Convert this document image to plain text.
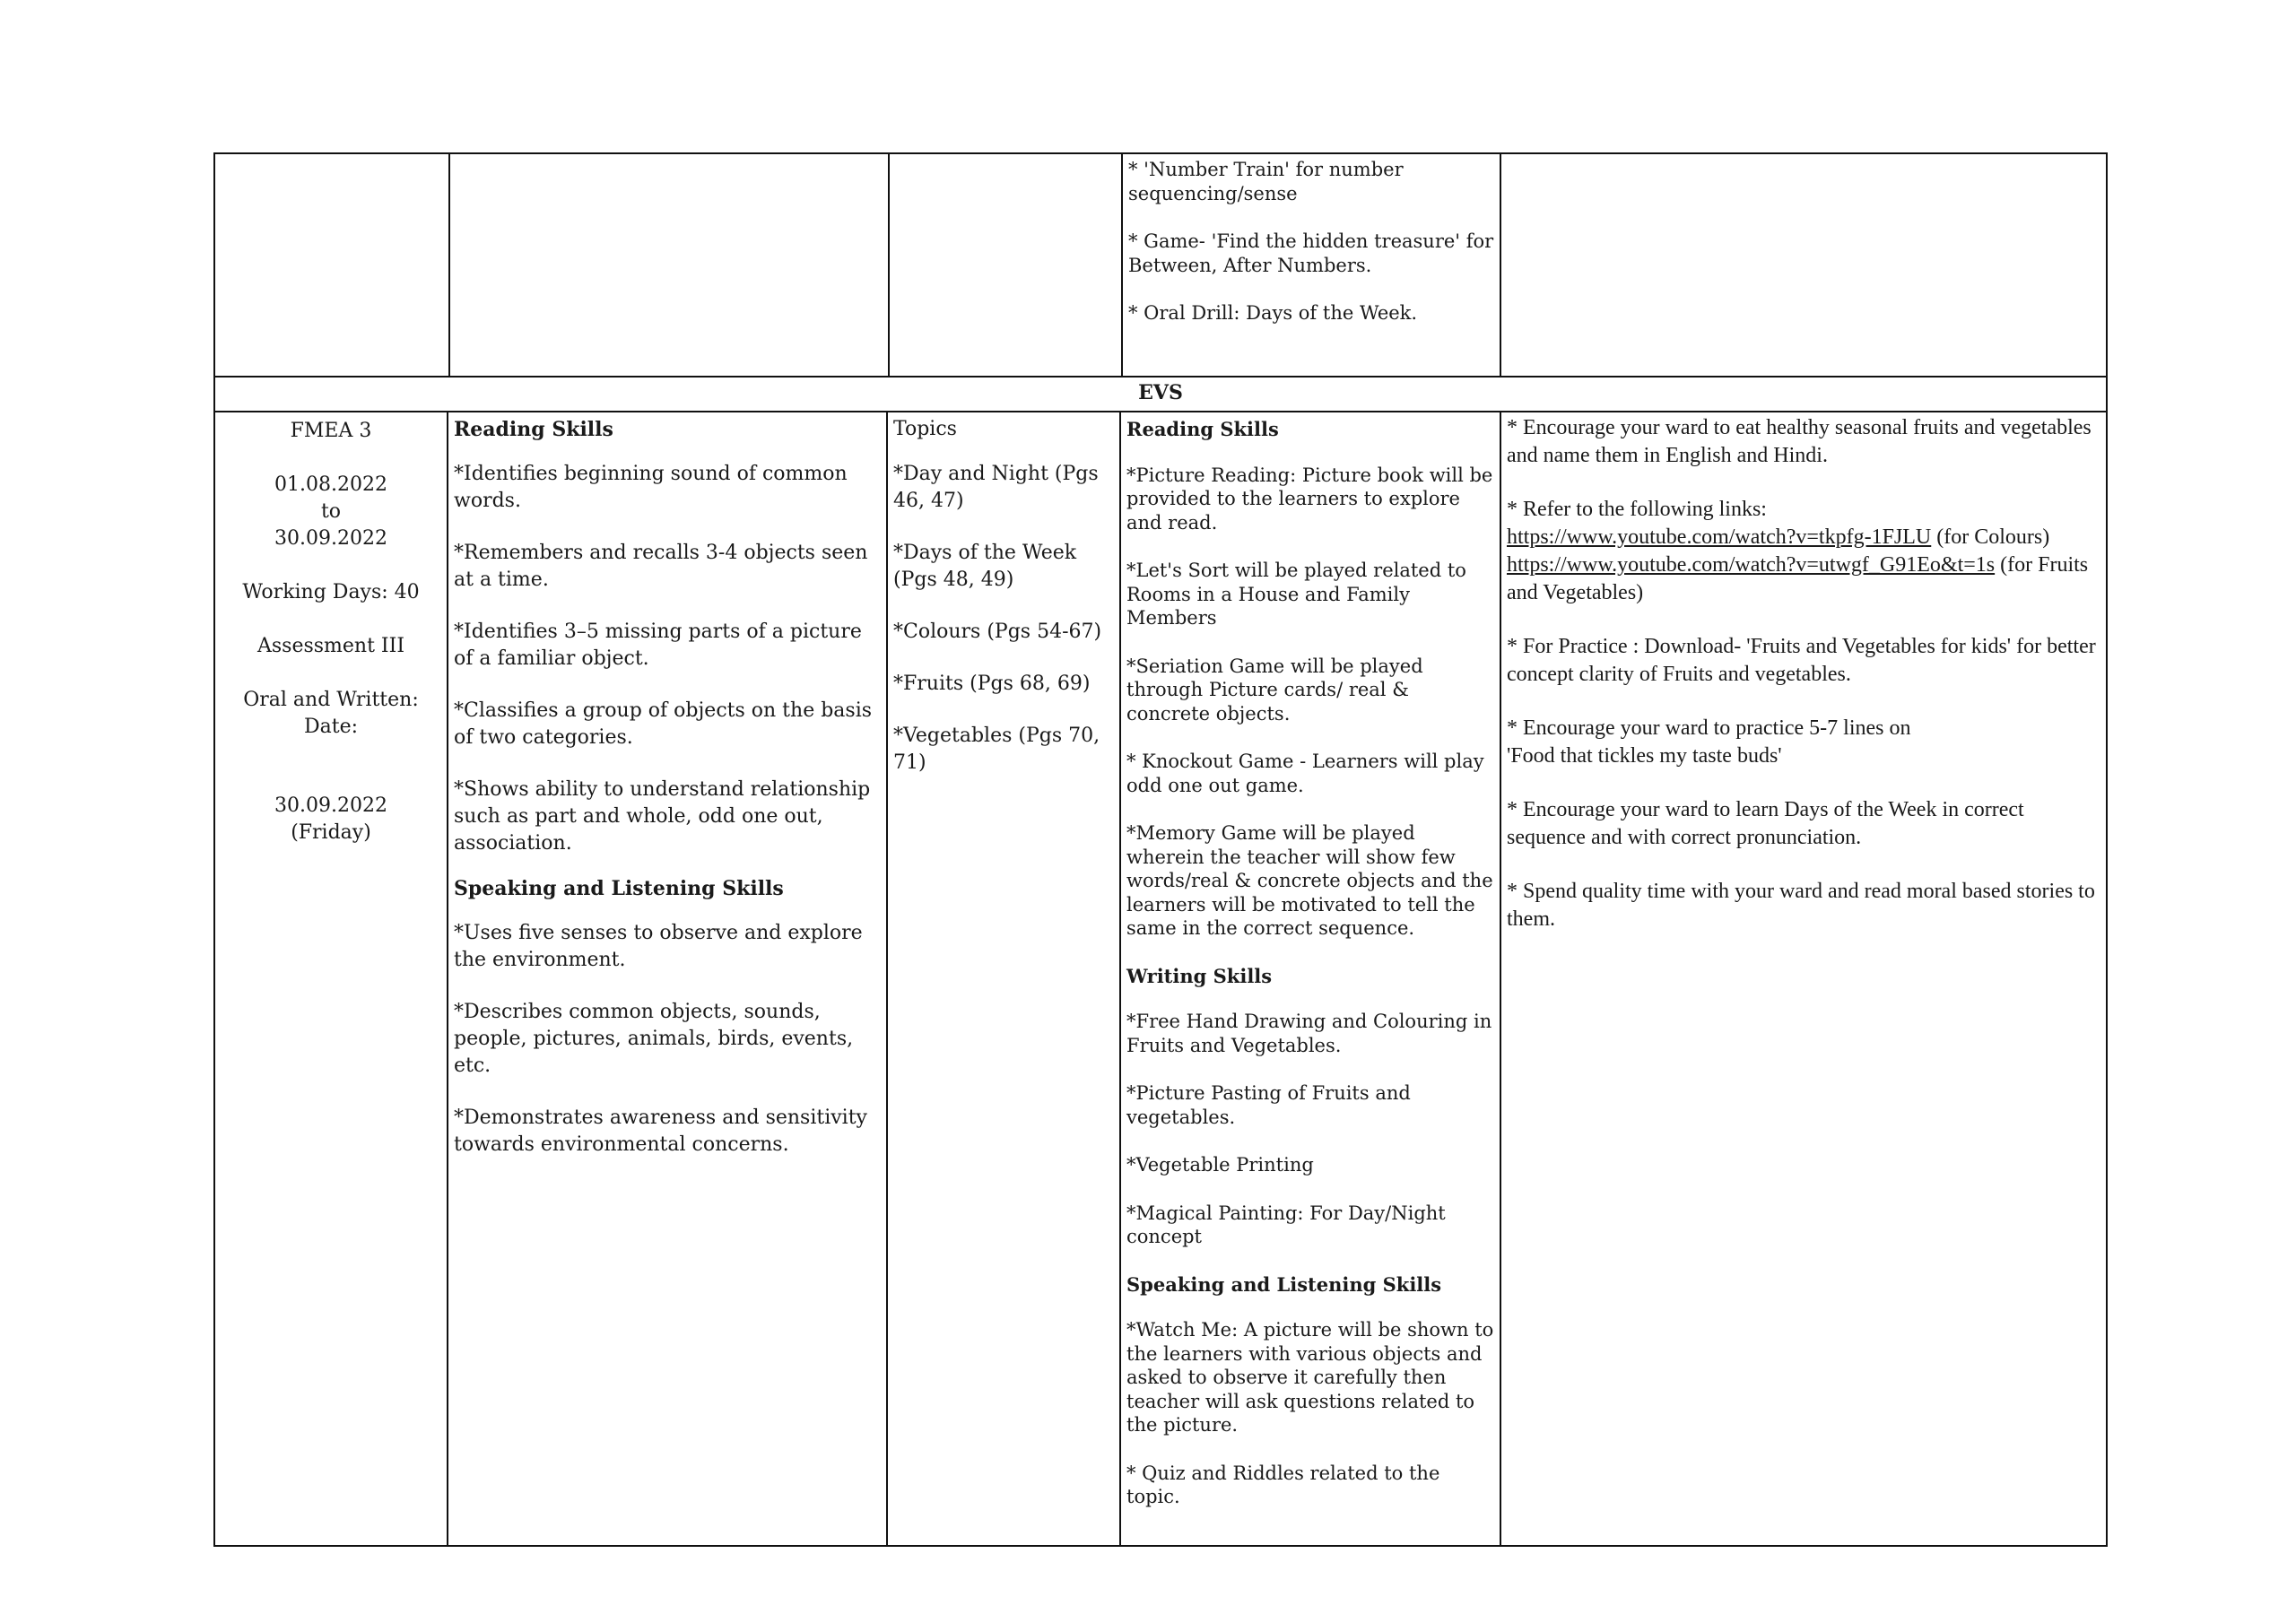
* 'Number Train' for number sequencing/sense

* Game- 'Find the hidden treasure' for Between, After Numbers.

* Oral Drill: Days of the Week.

EVS

FMEA 3

01.08.2022
to

30.09.2022

Working Days: 40

Assessment III

Oral and Written:

Date:

30.09.2022
(Friday)

Reading Skills

*Identifies beginning sound of common words.

*Remembers and recalls 3-4 objects seen at a time.

*Identifies 3–5 missing parts of a picture of a familiar object.

*Classifies a group of objects on the basis of two categories.

*Shows ability to understand relationship such as part and whole, odd one out, association.

Speaking and Listening Skills

*Uses five senses to observe and explore the environment.

*Describes common objects, sounds, people, pictures, animals, birds, events, etc.

*Demonstrates awareness and sensitivity towards environmental concerns.

Topics

*Day and Night (Pgs 46, 47)

*Days of the Week (Pgs 48, 49)

*Colours (Pgs 54-67)

*Fruits (Pgs 68, 69)

*Vegetables (Pgs 70, 71)

Reading Skills

*Picture Reading: Picture book will be provided to the learners to explore and read.

*Let's Sort will be played related to Rooms in a House and Family Members

*Seriation Game will be played through Picture cards/ real & concrete objects.

* Knockout Game - Learners will play odd one out game.

*Memory Game will be played wherein the teacher will show few words/real & concrete objects and the learners will be motivated to tell the same in the correct sequence.

Writing Skills

*Free Hand Drawing and Colouring in Fruits and Vegetables.

*Picture Pasting of Fruits and vegetables.

*Vegetable Printing

*Magical Painting: For Day/Night concept

Speaking and Listening Skills

*Watch Me: A picture will be shown to the learners with various objects and asked to observe it carefully then teacher will ask questions related to the picture.

* Quiz and Riddles related to the topic.

* Encourage your ward to eat healthy seasonal fruits and vegetables and name them in English and Hindi.

* Refer to the following links:
https://www.youtube.com/watch?v=tkpfg-1FJLU (for Colours)
https://www.youtube.com/watch?v=utwgf_G91Eo&t=1s (for Fruits and Vegetables)

* For Practice : Download- 'Fruits and Vegetables for kids' for better concept clarity of Fruits and vegetables.

* Encourage your ward to practice 5-7 lines on
'Food that tickles my taste buds'

* Encourage your ward to learn Days of the Week in correct sequence and with correct pronunciation.

* Spend quality time with your ward and read moral based stories to them.
